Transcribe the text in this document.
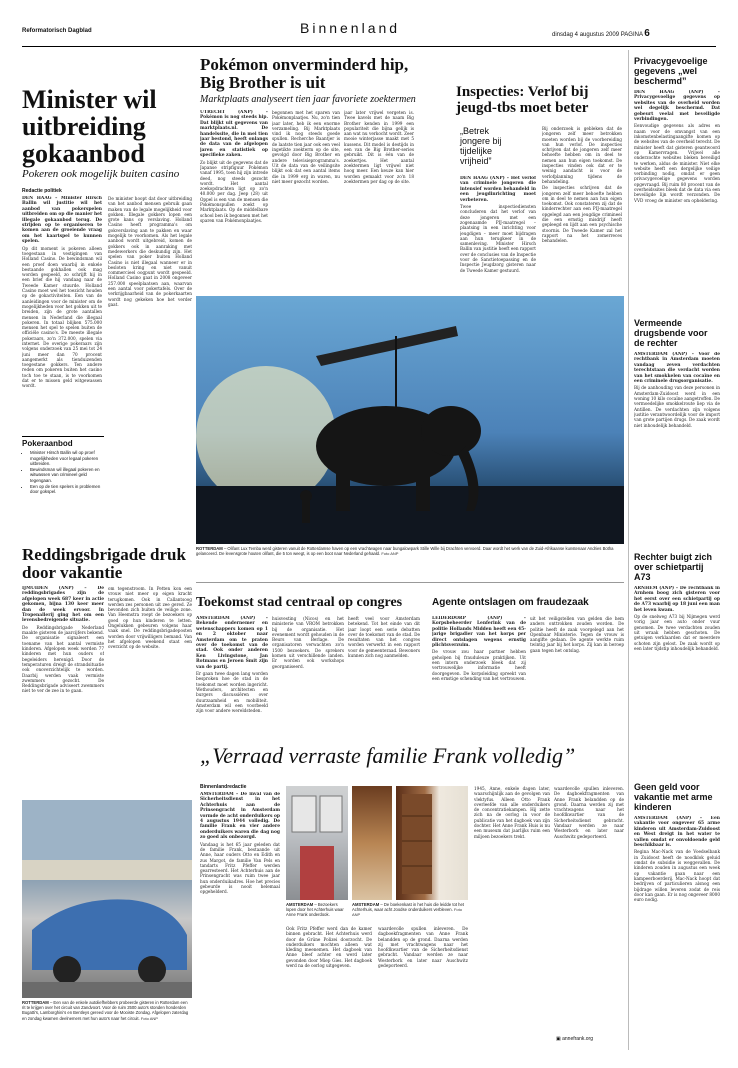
Reformatorisch Dagblad	Binnenland	dinsdag 4 augustus 2009 PAGINA 6
Minister wil uitbreiding gokaanbod
Pokeren ook mogelijk buiten casino
Redactie politiek

DEN HAAG – Minister Hirsch Ballin wil justitie wil het aanbod van pokerspelen uitbreiden om op die manier het illegale gokaanbod terug. De strijden op te organiseren te komen aan de groeiende vraag om het kaartspel te kunnen spelen.

Op dit moment is pokeren alleen toegestaan in vestigingen van Holland Casino. De bewindsman wil een proef doen waarbij in enkele bestaande gokhallen ook mag worden gespeeld, zo schrijft hij in een brief die hij vandaag naar de Tweede Kamer stuurde. Holland Casino moet wel het toezicht houden op de gokactiviteiten. Een van de aanleidingen voor de minister om de mogelijkheden voor het gokken uit te breiden, zijn de grote aantallen mensen in Nederland die illegaal pokeren. In totaal blijken 575.000 mensen het spel te spelen buiten de officiële casino's. De meeste illegale pokeraars, zo'n 372.000, spelen via internet. De overige pokeraars zijn volgens onderzoek van 25 mei tot 24 juni meer dan 70 procent aangemerkt als tienduizenden toegestane gokkers. Ten andere reden om pokeren buiten het casino toch toe te staan, is te voorkomen dat er te missen geld witgewassen wordt.

De minister hoopt dat door uitbreiding van het aanbod mensen gebruik gaan maken van de legale mogelijkheid voor gokken. Illegale gokkers lopen een grote kans op verslaving. Holland Casino heeft programma's om gokverslaving aan te pakken en waar mogelijk te voorkomen. Als het legale aanbod wordt uitgebreid, komen de gokkers ook in aanraking met medewerkers die deskundig zijn. Het spelen van poker buiten Holland Casino is niet illegaal wanneer er in besloten kring en niet vanuit commercieel oogpunt wordt gespeeld. Holland Casino gaat in 2008 ongeveer 257.000 speelplaatsen aan, waarvan een aantal voor pokertafels. Over de verkrijgbaarheid van de pokerkaarten wordt nog gekeken hoe het verder gaat.

Pokeraanbod
• Minister Hirsch Ballin wil op proef mogelijkheden voor legaal pokeren uitbreiden.
• Bewindsman wil illegaal pokeren en witwassen van crimineel geld tegengaan.
• Een op de tien spelers in problemen door gokspel.
Pokémon onverminderd hip, Big Brother is uit
Marktplaats analyseert tien jaar favoriete zoektermen

UTRECHT (ANP) – Pokémon is nog steeds hip. Dat blijkt uit gegevens van marktplaats.nl. De handelssite, die in mei tien jaar bestond, heeft onlangs de data van de afgelopen jaren en statistiek op specifieke zaken.

Zo blijkt uit de gegevens dat de Japanse stripfiguur Pokémon vanaf 1995, toen hij zijn intrede deed, nog steeds gezocht wordt. Het aantal zoekopdrachten ligt op zo'n 40.000 per dag. Jeep (28) uit Oppel is een van de mensen die Pokémonspullen zoekt op Marktplaats. Op de middelbare school ben ik begonnen met het sparen van Pokémonplaatjes.

begonnen met het sparen van Pokémonplaatjes. Nu, zo'n tien jaar later, heb ik een enorme verzameling. Bij Marktplaats vind ik nog steeds goede spullen. Recherche Baantjer is de laatste tien jaar ook een veel ingetikte zoekterm op de site, gevolgd door Big Brother en andere televisieprogramma's. Uit de data van de veilingsite blijkt ook dat een aantal items die in 1999 erg in waren, nu niet meer gezocht worden.

jaar later vrijwel vergeten is. Twee kavels met de naam Big Brother kenden in 1999 een populariteit die bijna gelijk is aan wat nu verkocht wordt. Zeer mooie winterjasse maakt met 5 kussens. Dit model is destijds in een van de Big Brother-series gebruikt. Dit is één van de zoekertjes. Het aantal zoektermen ligt vrijwel niet hoog meer. Een keuze kan hier worden gemaakt voor zo'n 18 zoektermen per dag op de site.

Inspecties: Verlof bij jeugd-tbs moet beter
„Betrek jongere bij tijdelijke vrijheid”

DEN HAAG (ANP) – Het verlof van criminele jongeren die intensief worden behandeld in een jeugdinrichting moet verbeteren.

Twee inspectiediensten concluderen dat het verlof van deze jongeren met een zogenaamde PIJ-maatregel – plaatsing in een inrichting voor jeugdigen – meer moet bijdragen aan hun terugkeer in de samenleving. Minister Hirsch Ballin van justitie heeft een rapport over de conclusies van de Inspectie voor de Sanctietoepassing en de Inspectie Jeugdzorg gisteren naar de Tweede Kamer gestuurd.

Bij onderzoek is gebleken dat de jongeren zelf meer betrokken moeten worden bij de voorbereiding van hun verlof. De inspecties schrijven dat de jongeren zelf meer behoefte hebben om in deel te nemen aan hun eigen toekomst. De inspecties vinden ook dat er te weinig aandacht is voor de verlofplanning tijdens de behandeling.

De inspecties schrijven dat de jongeren zelf meer behoefte hebben om in deel te nemen aan hun eigen toekomst. Ook constateren zij dat de kinderrechter aan een PIJ-maatregel opgelegd aan een jeugdige crimineel die een ernstig misdrijf heeft gepleegd en lijdt aan een psychische stoornis. De Tweede Kamer zal het rapport na het zomerreces behandelen.

Privacygevoelige gegevens „wel beschermd”

DEN HAAG (ANP) – Privacygevoelige gegevens op websites van de overheid worden wel degelijk beschermd. Dat gebeurt veelal met beveiligde verbindingen.

Eenvoudige gegevens als adres en naam voor de omvangst van een inkomstenbelastingaangifte komen op de websites van de overheid terecht. De minister heeft dat gisteren geantwoord op Kamervragen. Vrijwel alle onderzochte websites bleken beveiligd te werken, aldus de minister. Niet elke website heeft een dergelijke veilige verbinding nodig, omdat er geen privacygevoelige gegevens worden opgevraagd. Bij ruim 80 procent van de overheidssites bleek dat de data via een beveiligde lijn wordt verzonden. De VVD vroeg de minister om opheldering.

Vermeende drugsbende voor de rechter

AMSTERDAM (ANP) – Voor de rechtbank in Amsterdam moeten vandaag zeven verdachten terechtstaan die verdacht worden van het smokkelen van cocaïne en een criminele drugsorganisatie.

Bij de aanhouding van deze personen in Amsterdam-Zuidoost werd in een woning 10 kilo cocaïne aangetroffen. De vermoedelijke smokkelroute liep via de Antillen. De verdachten zijn volgens justitie verantwoordelijk voor de import van grote partijen drugs. De zaak wordt niet inhoudelijk behandeld.

Rechter buigt zich over schietpartij A73

ARNHEM (ANP) – De rechtbank in Arnhem boog zich gisteren voor het eerst over een schietpartij op de A73 waarbij op 18 juni een man het leven kwam.

Op de snelweg A73 bij Nijmegen werd vorig jaar een auto onder vuur genomen. De twee verdachten zouden uit wraak hebben geschoten. De getuigen verklaarden dat er meerdere schoten zijn gelost. De zaak wordt op een later tijdstip inhoudelijk behandeld.

Geen geld voor vakantie met arme kinderen

AMSTERDAM (ANP) – Een vakantie voor ongeveer 65 arme kinderen uit Amsterdam-Zuidoost en West dreigt in het water te vallen omdat er onvoldoende geld beschikbaar is.

Regina Mac-Nack van de Voedselbank in Zuidoost heeft de noodklok geluid omdat de subsidie is weggevallen. De kinderen zouden in augustus een week op vakantie gaan naar een kampeerboerderij. Mac-Nack hoopt dat bedrijven of particulieren alsnog een bijdrage willen leveren zodat de reis door kan gaan. Er is nog ongeveer 8000 euro nodig.

ROTTERDAM – Olifant Lux Temba werd gisteren vanuit de Rotterdamse haven op een vrachtwagen naar bungalowpark Stille Wille bij Drachten vervoerd. Daar wordt het werk van de Zuid-Afrikaanse kunstenaar Andries Botha gelanceerd. De levensgrote houten olifant, die 5 ton weegt, is op een boot naar Nederland gehaald. Foto ANP
Reddingsbrigade druk door vakantie

IJMUIDEN (ANP) – De reddingsbrigades zijn de afgelopen week 687 keer in actie gekomen, bijna 130 keer meer dan de week ervoor. In Tropenallerij ging het om een levensbedreigende situatie.

De Reddingsbrigade Nederland maakte gisteren de jaarcijfers bekend. De organisatie signaleert een toename van het aantal vermiste kinderen. Afgelopen week werden 77 kinderen met hun ouders of begeleiders herenigd. Door de temperaturen dreigt de strandsituatie ook onoverzichtelijk te worden. Daarbij werden vaak vermiste zwemmers gezocht. De Reddingsbrigade adviseert zwemmers niet te ver de zee in te gaan.

om tegenstroom. In Petten kon een vrouw niet meer op eigen kracht terugkomen. Ook in Callantsoog werden zes personen uit zee gered. Ze bevonden zich buiten de veilige zone. Van Heemstra roept de bezoekers op goed op hun kinderen te letten. Ongelukken gebeuren volgens haar vaak snel. De reddingsbrigadeposten worden door vrijwilligers bemand. Van het afgelopen weekend staat een overzicht op de website.

ROTTERDAM – Een van de enkele autoliefhebbers probeerde gisteren in Rotterdam een rit te krijgen over het circuit van Zandvoort. Voor de ruim 2500 auto's stonden honderden Bugatti's, Lamborghini's en Bentleys gereed voor de Mooiste Zondag. Afgelopen zaterdag en zondag kwamen deelnemers met hun auto's naar het circuit. Foto ANP
Toekomst stad centraal op congres

AMSTERDAM (ANP) – Bekende ondernemer en wetenschappers komen op 1 en 2 oktober naar Amsterdam om te praten over de toekomst van de stad. Ook onder anderen Ken Livingstone, Jan Rotmans en Jeroen Smit zijn van de partij.

Er gaan twee dagen lang worden besproken hoe de stad in de toekomst moet worden ingericht. Wethouders, architecten en burgers discussiëren over duurzaamheid en mobiliteit. Amsterdam wil een voorbeeld zijn voor andere wereldsteden.

huisvesting (Nicos) en het ministerie van VROM betrokken bij de organisatie. Het evenement wordt gehouden in de Beurs van Berlage. De organisatoren verwachten zo'n 1500 bezoekers. De sprekers komen uit verschillende landen. Er worden ook workshops georganiseerd.

heeft veel voor Amsterdam betekend. Tot het einde van dit jaar loopt een serie debatten over de toekomst van de stad. De resultaten van het congres worden verwerkt in een rapport voor de gemeenteraad. Bewoners kunnen zich nog aanmelden.

Agente ontslagen om fraudezaak

LEIDERDORP (ANP) – Korpsbeheerder Lenferink van de politie Hollands Midden heeft een 45-jarige brigadier van het korps per direct ontslagen wegens ernstig plichtsverzuim.

De vrouw zou haar partner hebben geholpen bij frauduleuze praktijken. Uit een intern onderzoek bleek dat zij vertrouwelijke informatie heeft doorgegeven. De korpsleiding spreekt van een ernstige schending van het vertrouwen.

uit het veiligstellen van gelden die hem anders onttrokken zouden worden. De politie heeft de zaak voorgelegd aan het Openbaar Ministerie. Tegen de vrouw is aangifte gedaan. De agente werkte ruim twintig jaar bij het korps. Zij kan in beroep gaan tegen het ontslag.

„Verraad verraste familie Frank volledig”
Binnenlandredactie

AMSTERDAM – De inval van de Sicherheitsdienst in het Achterhuis aan de Prinsengracht in Amsterdam vormde de acht onderduikers op 4 augustus 1944 volledig. De familie Frank en vier andere onderduikers waren die dag nog zo goed als onbezorgd.

Vandaag is het 65 jaar geleden dat de familie Frank, bestaande uit Anne, haar ouders Otto en Edith en zus Margot, de familie Van Pels en tandarts Fritz Pfeffer werden gearresteerd. Het Achterhuis aan de Prinsengracht was ruim twee jaar hun onderduikadres. Hoe het precies gebeurde is nooit helemaal opgehelderd.

AMSTERDAM – Bezoekers lopen door het Achterhuis waar Anne Frank onderdook.
AMSTERDAM – De boekenkast in het huis die leidde tot het Achterhuis, waar acht Joodse onderduikers verbleven. Foto ANP

Ook Fritz Pfeffer werd dan de kamer binnen gebracht. Het Achterhuis werd door de Grüne Polizei doorzocht. De onderduikers mochten alleen wat kleding meenemen. Het dagboek van Anne bleef achter en werd later gevonden door Miep Gies. Het dagboek werd na de oorlog uitgegeven.

waardevolle spullen inleveren. De dagboekfragmenten van Anne Frank belandden op de grond. Daarna werden zij met vrachtwagens naar het hoofdkwartier van de Sicherheitsdienst gebracht. Vandaar werden ze naar Westerbork en later naar Auschwitz gedeporteerd.

1945, Anne, enkele dagen later, waarschijnlijk aan de gevolgen van vlektyfus. Alleen Otto Frank overleefde van alle onderduikers de concentratiekampen. Hij zette zich na de oorlog in voor de publicatie van het dagboek van zijn dochter. Het Anne Frank Huis is nu een museum dat jaarlijks ruim een miljoen bezoekers trekt.

waardevolle spullen inleveren. De dagboekfragmenten van Anne Frank belandden op de grond. Daarna werden zij met vrachtwagens naar het hoofdkwartier van de Sicherheitsdienst gebracht. Vandaar werden ze naar Westerbork en later naar Auschwitz gedeporteerd.

▣ annefrank.org
